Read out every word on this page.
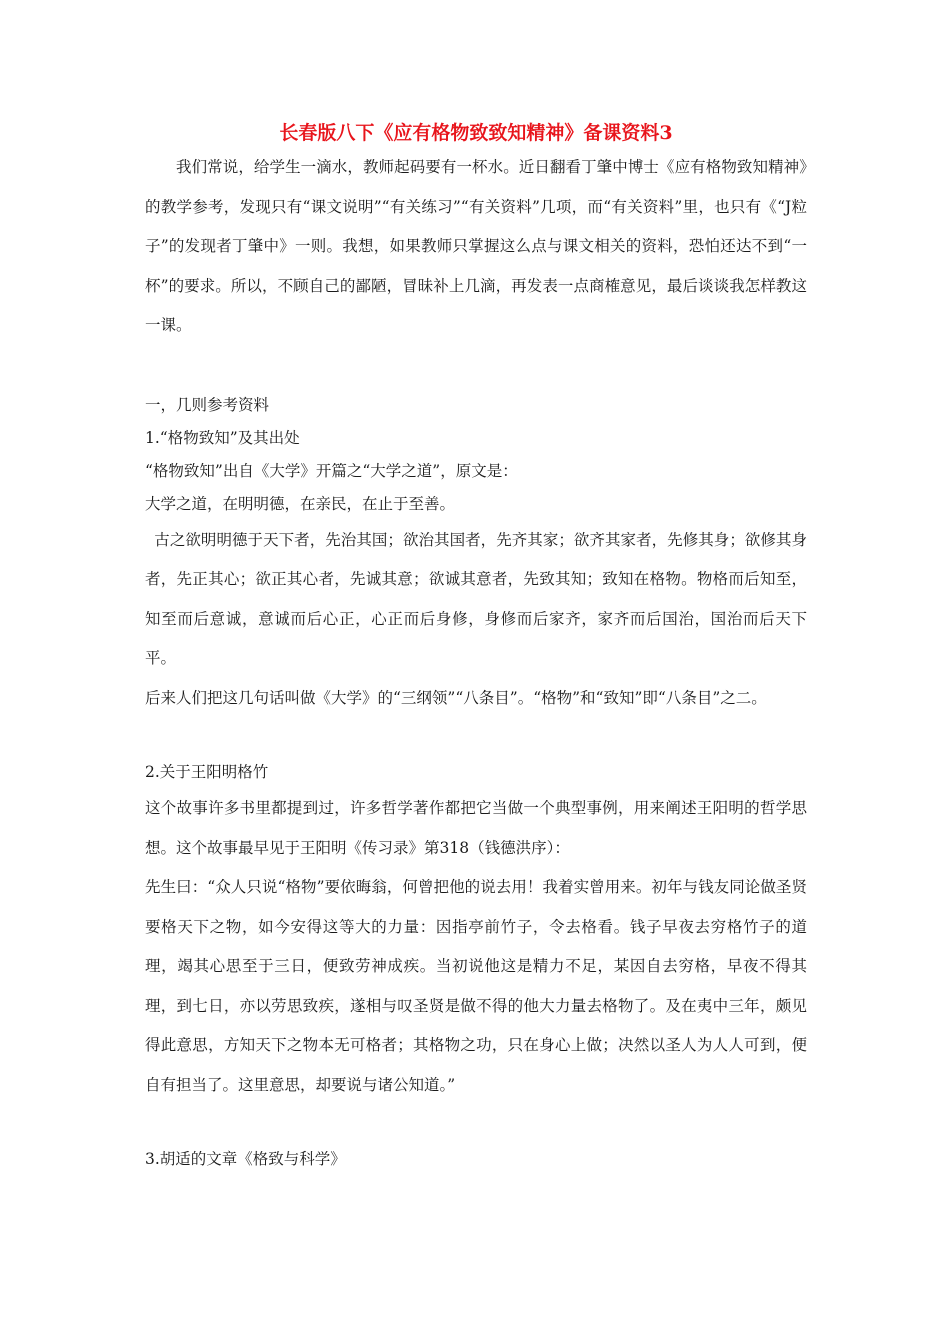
长春版八下《应有格物致致知精神》备课资料3

我们常说，给学生一滴水，教师起码要有一杯水。近日翻看丁肇中博士《应有格物致知精神》的教学参考，发现只有“课文说明”“有关练习”“有关资料”几项，而“有关资料”里，也只有《“J粒子”的发现者丁肇中》一则。我想，如果教师只掌握这么点与课文相关的资料，恐怕还达不到“一杯”的要求。所以，不顾自己的鄙陋，冒昧补上几滴，再发表一点商榷意见，最后谈谈我怎样教这一课。

一，几则参考资料

1.“格物致知”及其出处

“格物致知”出自《大学》开篇之“大学之道”，原文是：

大学之道，在明明德，在亲民，在止于至善。

古之欲明明德于天下者，先治其国；欲治其国者，先齐其家；欲齐其家者，先修其身；欲修其身者，先正其心；欲正其心者，先诚其意；欲诚其意者，先致其知；致知在格物。物格而后知至，知至而后意诚，意诚而后心正，心正而后身修，身修而后家齐，家齐而后国治，国治而后天下平。

后来人们把这几句话叫做《大学》的“三纲领”“八条目”。“格物”和“致知”即“八条目”之二。

2.关于王阳明格竹

这个故事许多书里都提到过，许多哲学著作都把它当做一个典型事例，用来阐述王阳明的哲学思想。这个故事最早见于王阳明《传习录》第318（钱德洪序）：

先生曰：“众人只说“格物”要依晦翁，何曾把他的说去用！我着实曾用来。初年与钱友同论做圣贤要格天下之物，如今安得这等大的力量：因指亭前竹子，令去格看。钱子早夜去穷格竹子的道理，竭其心思至于三日，便致劳神成疾。当初说他这是精力不足，某因自去穷格，早夜不得其理，到七日，亦以劳思致疾，遂相与叹圣贤是做不得的他大力量去格物了。及在夷中三年，颇见得此意思，方知天下之物本无可格者；其格物之功，只在身心上做；决然以圣人为人人可到，便自有担当了。这里意思，却要说与诸公知道。”

3.胡适的文章《格致与科学》
